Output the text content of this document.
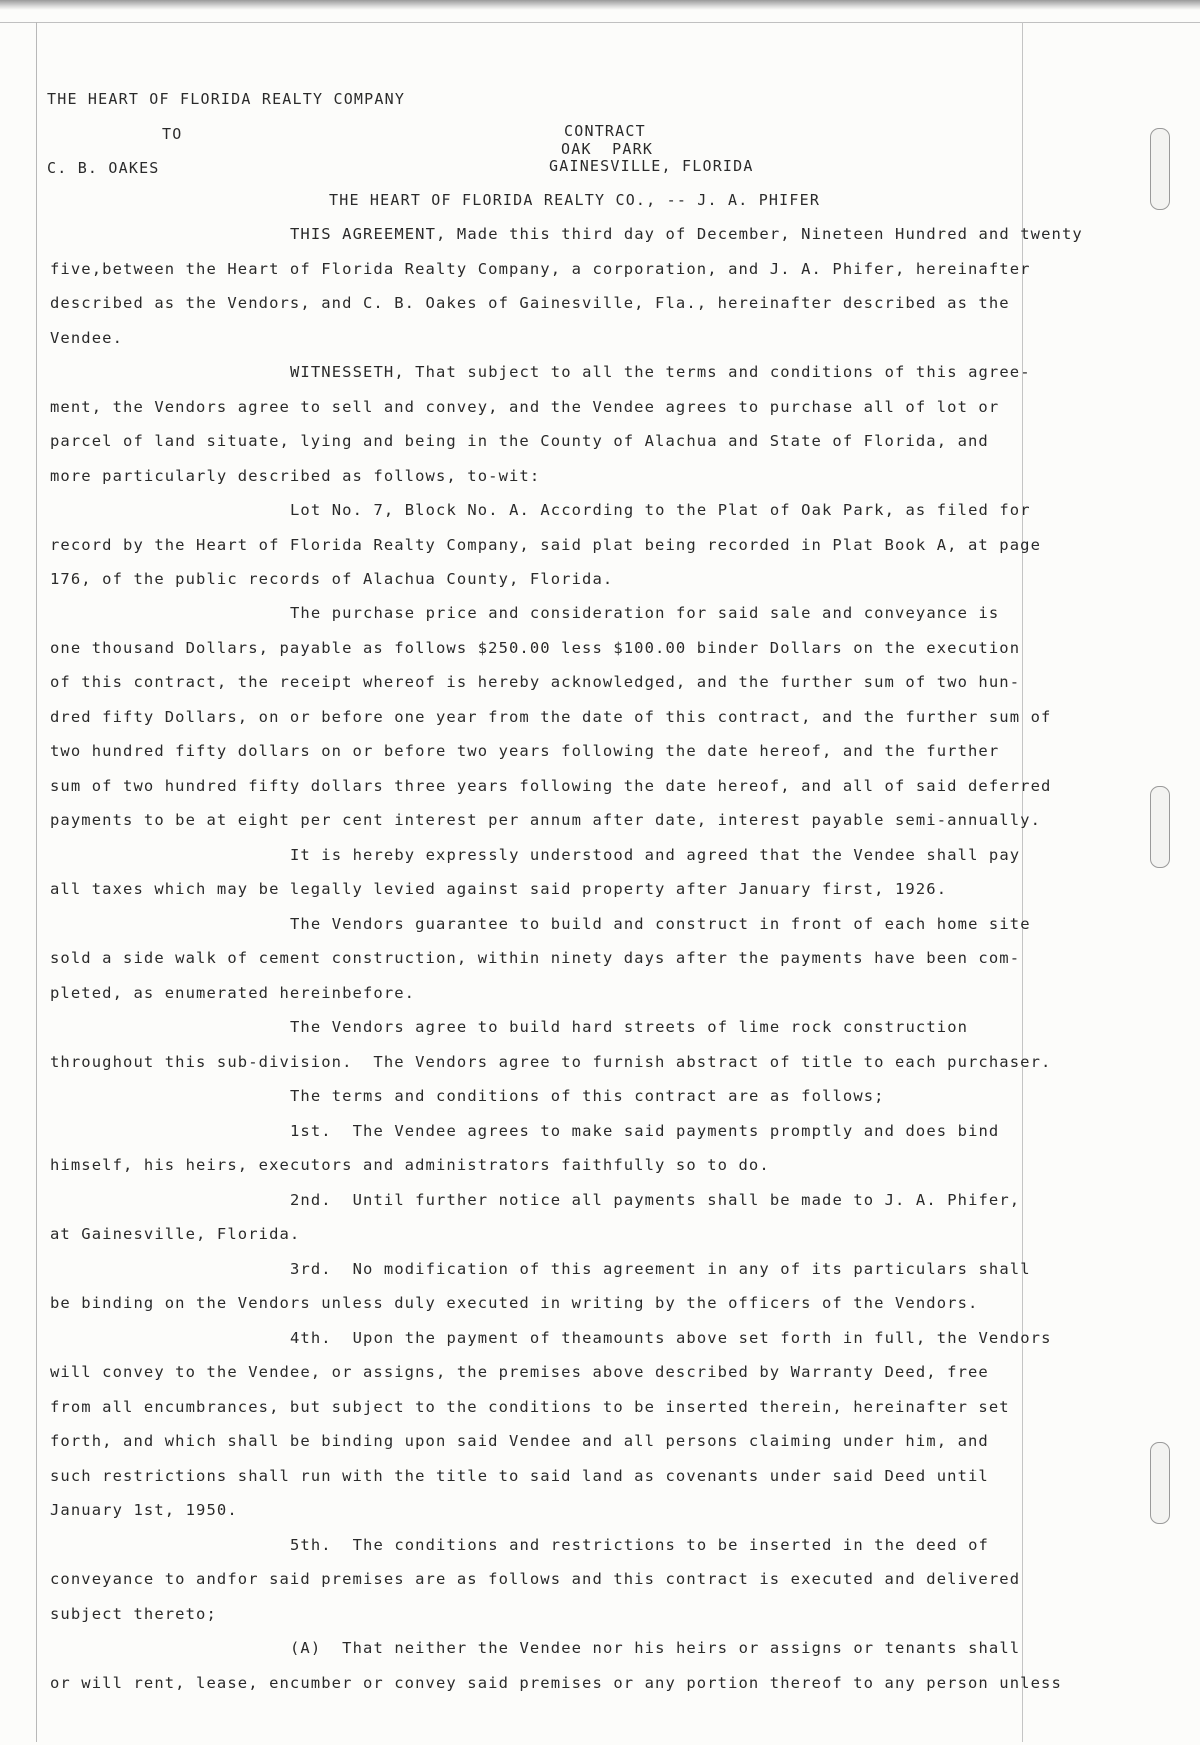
THE HEART OF FLORIDA REALTY COMPANY
TO
C. B. OAKES
CONTRACT
OAK  PARK
GAINESVILLE, FLORIDA
THE HEART OF FLORIDA REALTY CO., -- J. A. PHIFER
THIS AGREEMENT, Made this third day of December, Nineteen Hundred and twenty
five,between the Heart of Florida Realty Company, a corporation, and J. A. Phifer, hereinafter
described as the Vendors, and C. B. Oakes of Gainesville, Fla., hereinafter described as the
Vendee.
WITNESSETH, That subject to all the terms and conditions of this agree-
ment, the Vendors agree to sell and convey, and the Vendee agrees to purchase all of lot or
parcel of land situate, lying and being in the County of Alachua and State of Florida, and
more particularly described as follows, to-wit:
Lot No. 7, Block No. A. According to the Plat of Oak Park, as filed for
record by the Heart of Florida Realty Company, said plat being recorded in Plat Book A, at page
176, of the public records of Alachua County, Florida.
The purchase price and consideration for said sale and conveyance is
one thousand Dollars, payable as follows $250.00 less $100.00 binder Dollars on the execution
of this contract, the receipt whereof is hereby acknowledged, and the further sum of two hun-
dred fifty Dollars, on or before one year from the date of this contract, and the further sum of
two hundred fifty dollars on or before two years following the date hereof, and the further
sum of two hundred fifty dollars three years following the date hereof, and all of said deferred
payments to be at eight per cent interest per annum after date, interest payable semi-annually.
It is hereby expressly understood and agreed that the Vendee shall pay
all taxes which may be legally levied against said property after January first, 1926.
The Vendors guarantee to build and construct in front of each home site
sold a side walk of cement construction, within ninety days after the payments have been com-
pleted, as enumerated hereinbefore.
The Vendors agree to build hard streets of lime rock construction
throughout this sub-division.  The Vendors agree to furnish abstract of title to each purchaser.
The terms and conditions of this contract are as follows;
1st.  The Vendee agrees to make said payments promptly and does bind
himself, his heirs, executors and administrators faithfully so to do.
2nd.  Until further notice all payments shall be made to J. A. Phifer,
at Gainesville, Florida.
3rd.  No modification of this agreement in any of its particulars shall
be binding on the Vendors unless duly executed in writing by the officers of the Vendors.
4th.  Upon the payment of theamounts above set forth in full, the Vendors
will convey to the Vendee, or assigns, the premises above described by Warranty Deed, free
from all encumbrances, but subject to the conditions to be inserted therein, hereinafter set
forth, and which shall be binding upon said Vendee and all persons claiming under him, and
such restrictions shall run with the title to said land as covenants under said Deed until
January 1st, 1950.
5th.  The conditions and restrictions to be inserted in the deed of
conveyance to andfor said premises are as follows and this contract is executed and delivered
subject thereto;
(A)  That neither the Vendee nor his heirs or assigns or tenants shall
or will rent, lease, encumber or convey said premises or any portion thereof to any person unless
